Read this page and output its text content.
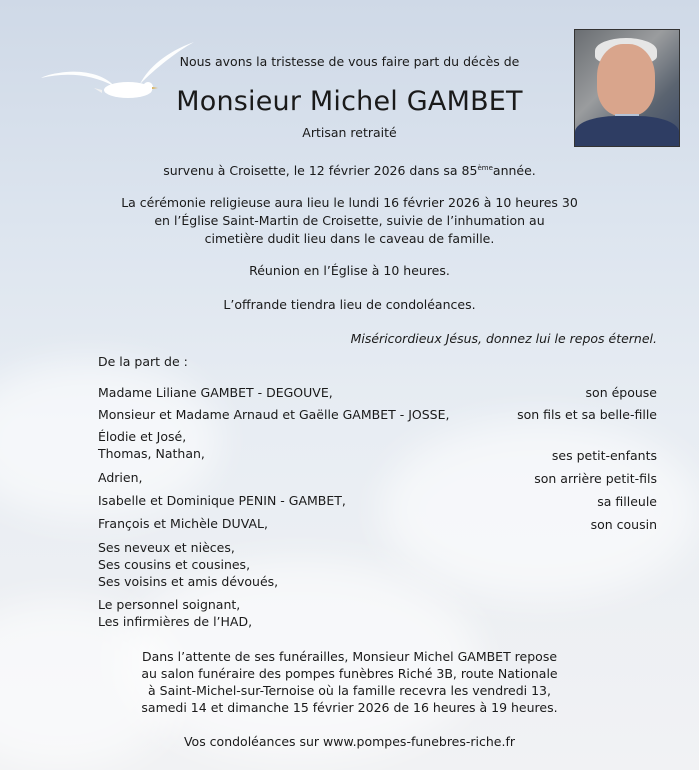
Nous avons la tristesse de vous faire part du décès de
Monsieur Michel GAMBET
Artisan retraité
survenu à Croisette, le 12 février 2026 dans sa 85èmeannée.
La cérémonie religieuse aura lieu le lundi 16 février 2026 à 10 heures 30
en l’Église Saint-Martin de Croisette, suivie de l’inhumation au
cimetière dudit lieu dans le caveau de famille.
Réunion en l’Église à 10 heures.
L’offrande tiendra lieu de condoléances.
Miséricordieux Jésus, donnez lui le repos éternel.
De la part de :
Madame Liliane GAMBET - DEGOUVE,	son épouse
Monsieur et Madame Arnaud et Gaëlle GAMBET - JOSSE,	son fils et sa belle-fille
Élodie et José,
Thomas, Nathan,	ses petit-enfants
Adrien,	son arrière petit-fils
Isabelle et Dominique PENIN - GAMBET,	sa filleule
François et Michèle DUVAL,	son cousin
Ses neveux et nièces,
Ses cousins et cousines,
Ses voisins et amis dévoués,
Le personnel soignant,
Les infirmières de l’HAD,
Dans l’attente de ses funérailles, Monsieur Michel GAMBET repose
au salon funéraire des pompes funèbres Riché 3B, route Nationale
à Saint-Michel-sur-Ternoise où la famille recevra les vendredi 13,
samedi 14 et dimanche 15 février 2026 de 16 heures à 19 heures.
Vos condoléances sur www.pompes-funebres-riche.fr
